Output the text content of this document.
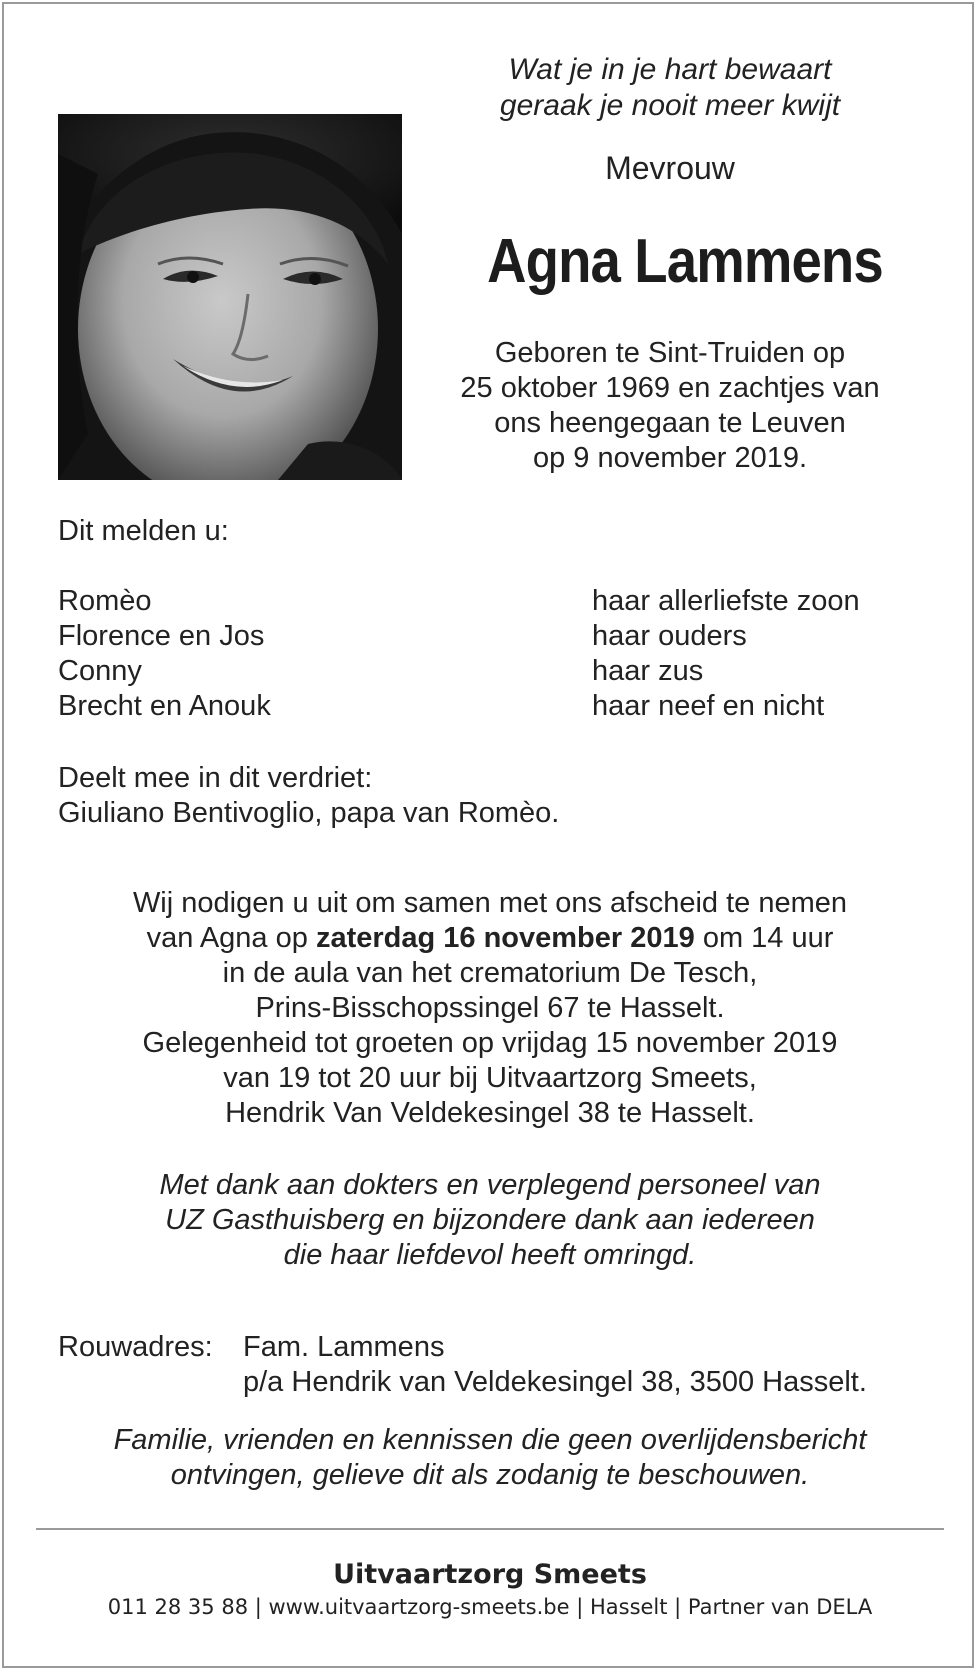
Wat je in je hart bewaart
geraak je nooit meer kwijt
Mevrouw
Agna Lammens
Geboren te Sint-Truiden op
25 oktober 1969 en zachtjes van
ons heengegaan te Leuven
op 9 november 2019.
Dit melden u:
Romèo	haar allerliefste zoon
Florence en Jos	haar ouders
Conny	haar zus
Brecht en Anouk	haar neef en nicht
Deelt mee in dit verdriet:
Giuliano Bentivoglio, papa van Romèo.
Wij nodigen u uit om samen met ons afscheid te nemen
van Agna op zaterdag 16 november 2019 om 14 uur
in de aula van het crematorium De Tesch,
Prins-Bisschopssingel 67 te Hasselt.
Gelegenheid tot groeten op vrijdag 15 november 2019
van 19 tot 20 uur bij Uitvaartzorg Smeets,
Hendrik Van Veldekesingel 38 te Hasselt.
Met dank aan dokters en verplegend personeel van
UZ Gasthuisberg en bijzondere dank aan iedereen
die haar liefdevol heeft omringd.
Rouwadres: Fam. Lammens
p/a Hendrik van Veldekesingel 38, 3500 Hasselt.
Familie, vrienden en kennissen die geen overlijdensbericht
ontvingen, gelieve dit als zodanig te beschouwen.
Uitvaartzorg Smeets
011 28 35 88 | www.uitvaartzorg-smeets.be | Hasselt | Partner van DELA
